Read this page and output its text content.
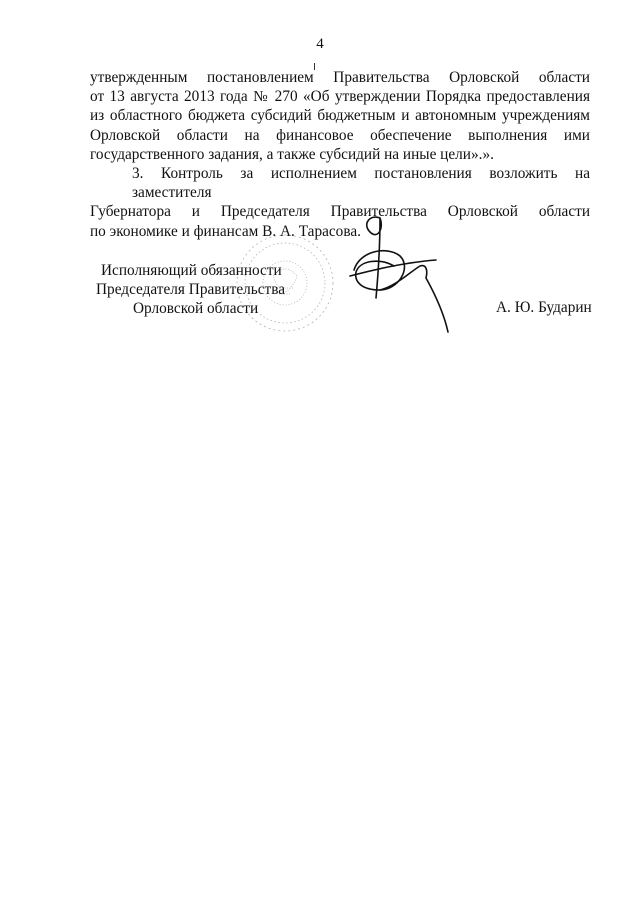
4
утвержденным постановлением Правительства Орловской области
от 13 августа 2013 года № 270 «Об утверждении Порядка предоставления
из областного бюджета субсидий бюджетным и автономным учреждениям
Орловской области на финансовое обеспечение выполнения ими
государственного задания, а также субсидий на иные цели».».
3. Контроль за исполнением постановления возложить на заместителя
Губернатора и Председателя Правительства Орловской области
по экономике и финансам В. А. Тарасова.
Исполняющий обязанности
Председателя Правительства
Орловской области	А. Ю. Бударин
